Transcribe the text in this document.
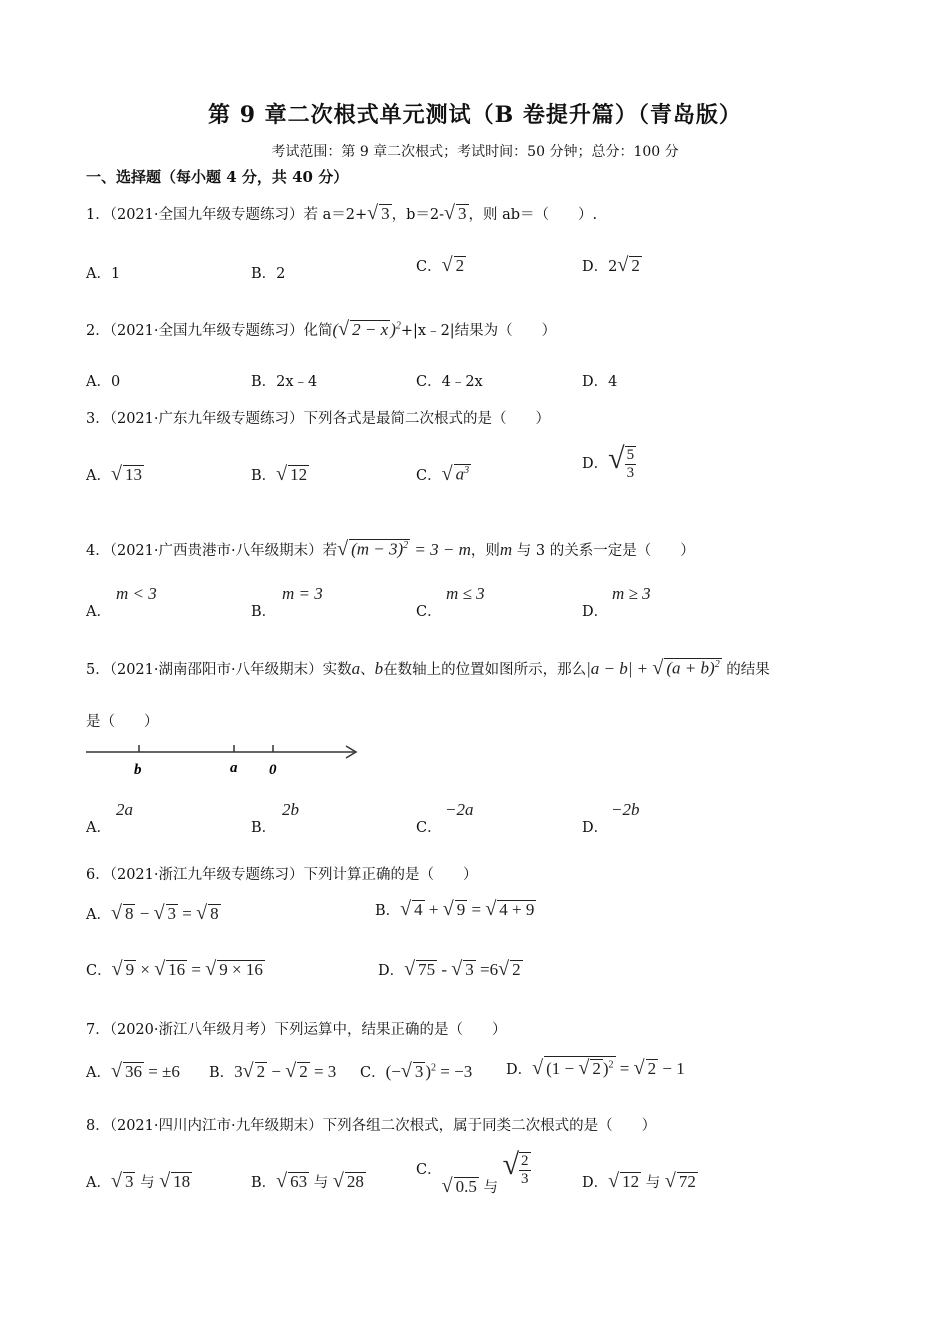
第 9 章二次根式单元测试（B 卷提升篇）（青岛版）
考试范围：第 9 章二次根式；考试时间：50 分钟；总分：100 分
一、选择题（每小题 4 分，共 40 分）
1．（2021·全国九年级专题练习）若 a＝2+√ 3 ，b＝2-√ 3 ，则 ab＝（　　）.
A．1	B．2	C．√ 2	D．2√ 2
2．（2021·全国九年级专题练习）化简(√ 2 − x )$^2$+|x﹣2|结果为（　　）
A．0	B．2x﹣4	C．4﹣2x	D．4
3．（2021·广东九年级专题练习）下列各式是最简二次根式的是（　　）
A．√ 13	B．√ 12	C．√ $a^3$	D．√ $\frac{5}{3}$
4．（2021·广西贵港市·八年级期末）若√ $(m - 3)^2 = 3 - m$，则m 与 3 的关系一定是（　　）
A．
m < 3
B．
m = 3
C．
m ≤ 3
D．
m ≥ 3
5．（2021·湖南邵阳市·八年级期末）实数a、b在数轴上的位置如图所示，那么|a − b| + √ $(a + b)^2$ 的结果
是（　　）
b	a 0
A．
2a
B．
2b
C．
−2a
D．
−2b
6．（2021·浙江九年级专题练习）下列计算正确的是（　　）
A．√ 8 − √ 3 = √ 8	B．√ 4 + √ 9 = √ 4 + 9
C．√ 9 × √ 16 = √ 9 × 16	D．√ 75 - √ 3 =6√ 2
7．（2020·浙江八年级月考）下列运算中，结果正确的是（　　）
A．√ 36 = ±6 B．3√ 2 − √ 2 = 3 C．(−√ 3 )$^2$ = −3 D．√ (1 − √ 2 )$^2$ = √ 2 − 1
8．（2021·四川内江市·九年级期末）下列各组二次根式，属于同类二次根式的是（　　）
A．√ 3 与 √ 18	B．√ 63 与 √ 28
C．√ 0.5 与 √ $\frac{2}{3}$	D．√ 12 与 √ 72
